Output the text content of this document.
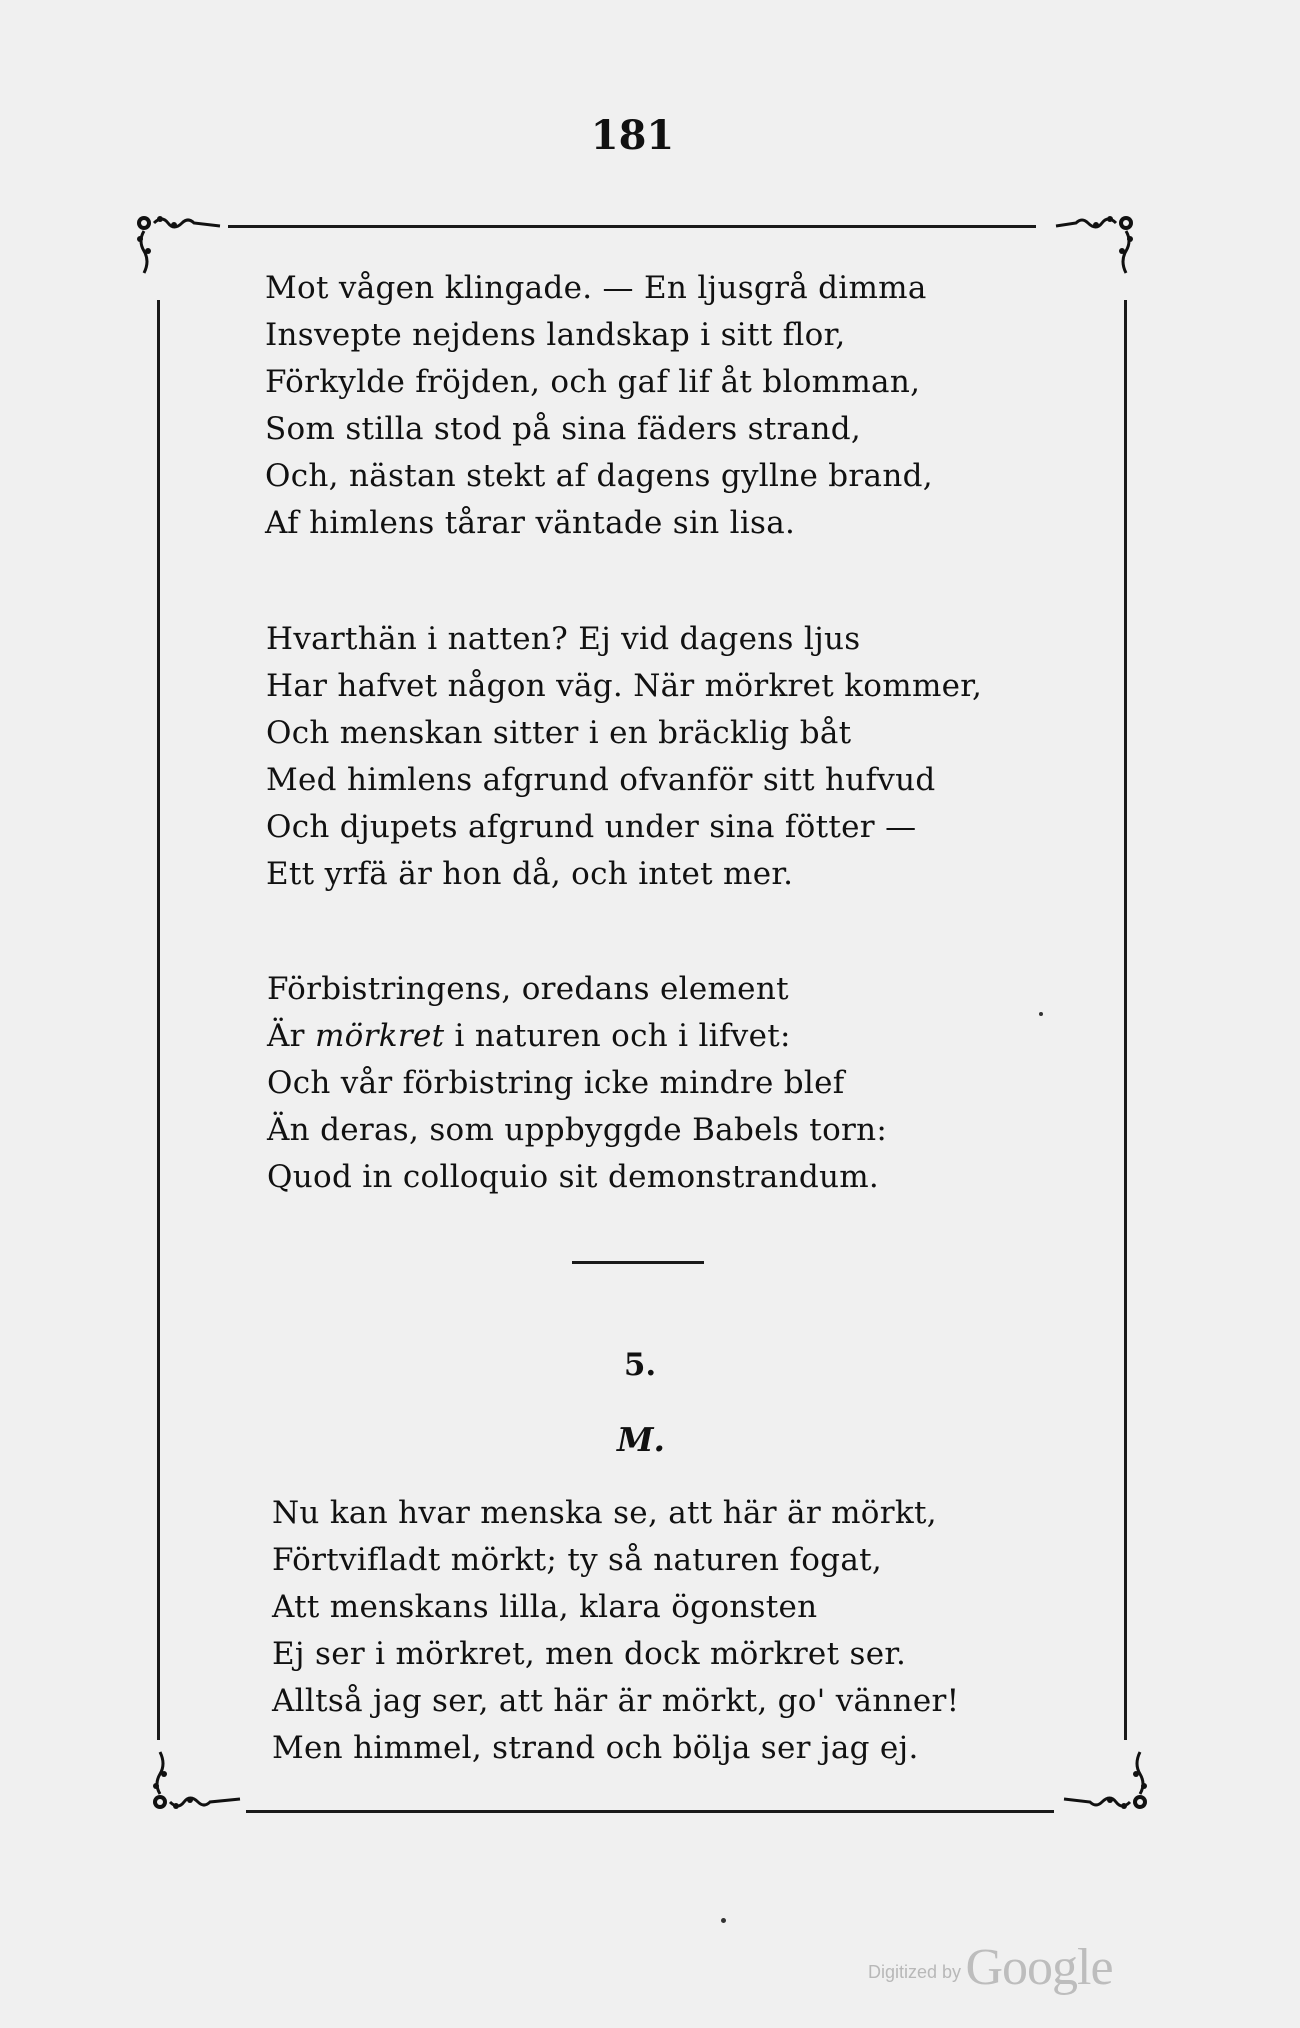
181
Mot vågen klingade. — En ljusgrå dimma
Insvepte nejdens landskap i sitt flor,
Förkylde fröjden, och gaf lif åt blomman,
Som stilla stod på sina fäders strand,
Och, nästan stekt af dagens gyllne brand,
Af himlens tårar väntade sin lisa.
Hvarthän i natten? Ej vid dagens ljus
Har hafvet någon väg. När mörkret kommer,
Och menskan sitter i en bräcklig båt
Med himlens afgrund ofvanför sitt hufvud
Och djupets afgrund under sina fötter —
Ett yrfä är hon då, och intet mer.
Förbistringens, oredans element
Är mörkret i naturen och i lifvet:
Och vår förbistring icke mindre blef
Än deras, som uppbyggde Babels torn:
Quod in colloquio sit demonstrandum.
5.
M.
Nu kan hvar menska se, att här är mörkt,
Förtvifladt mörkt; ty så naturen fogat,
Att menskans lilla, klara ögonsten
Ej ser i mörkret, men dock mörkret ser.
Alltså jag ser, att här är mörkt, go' vänner!
Men himmel, strand och bölja ser jag ej.
Digitized by Google
